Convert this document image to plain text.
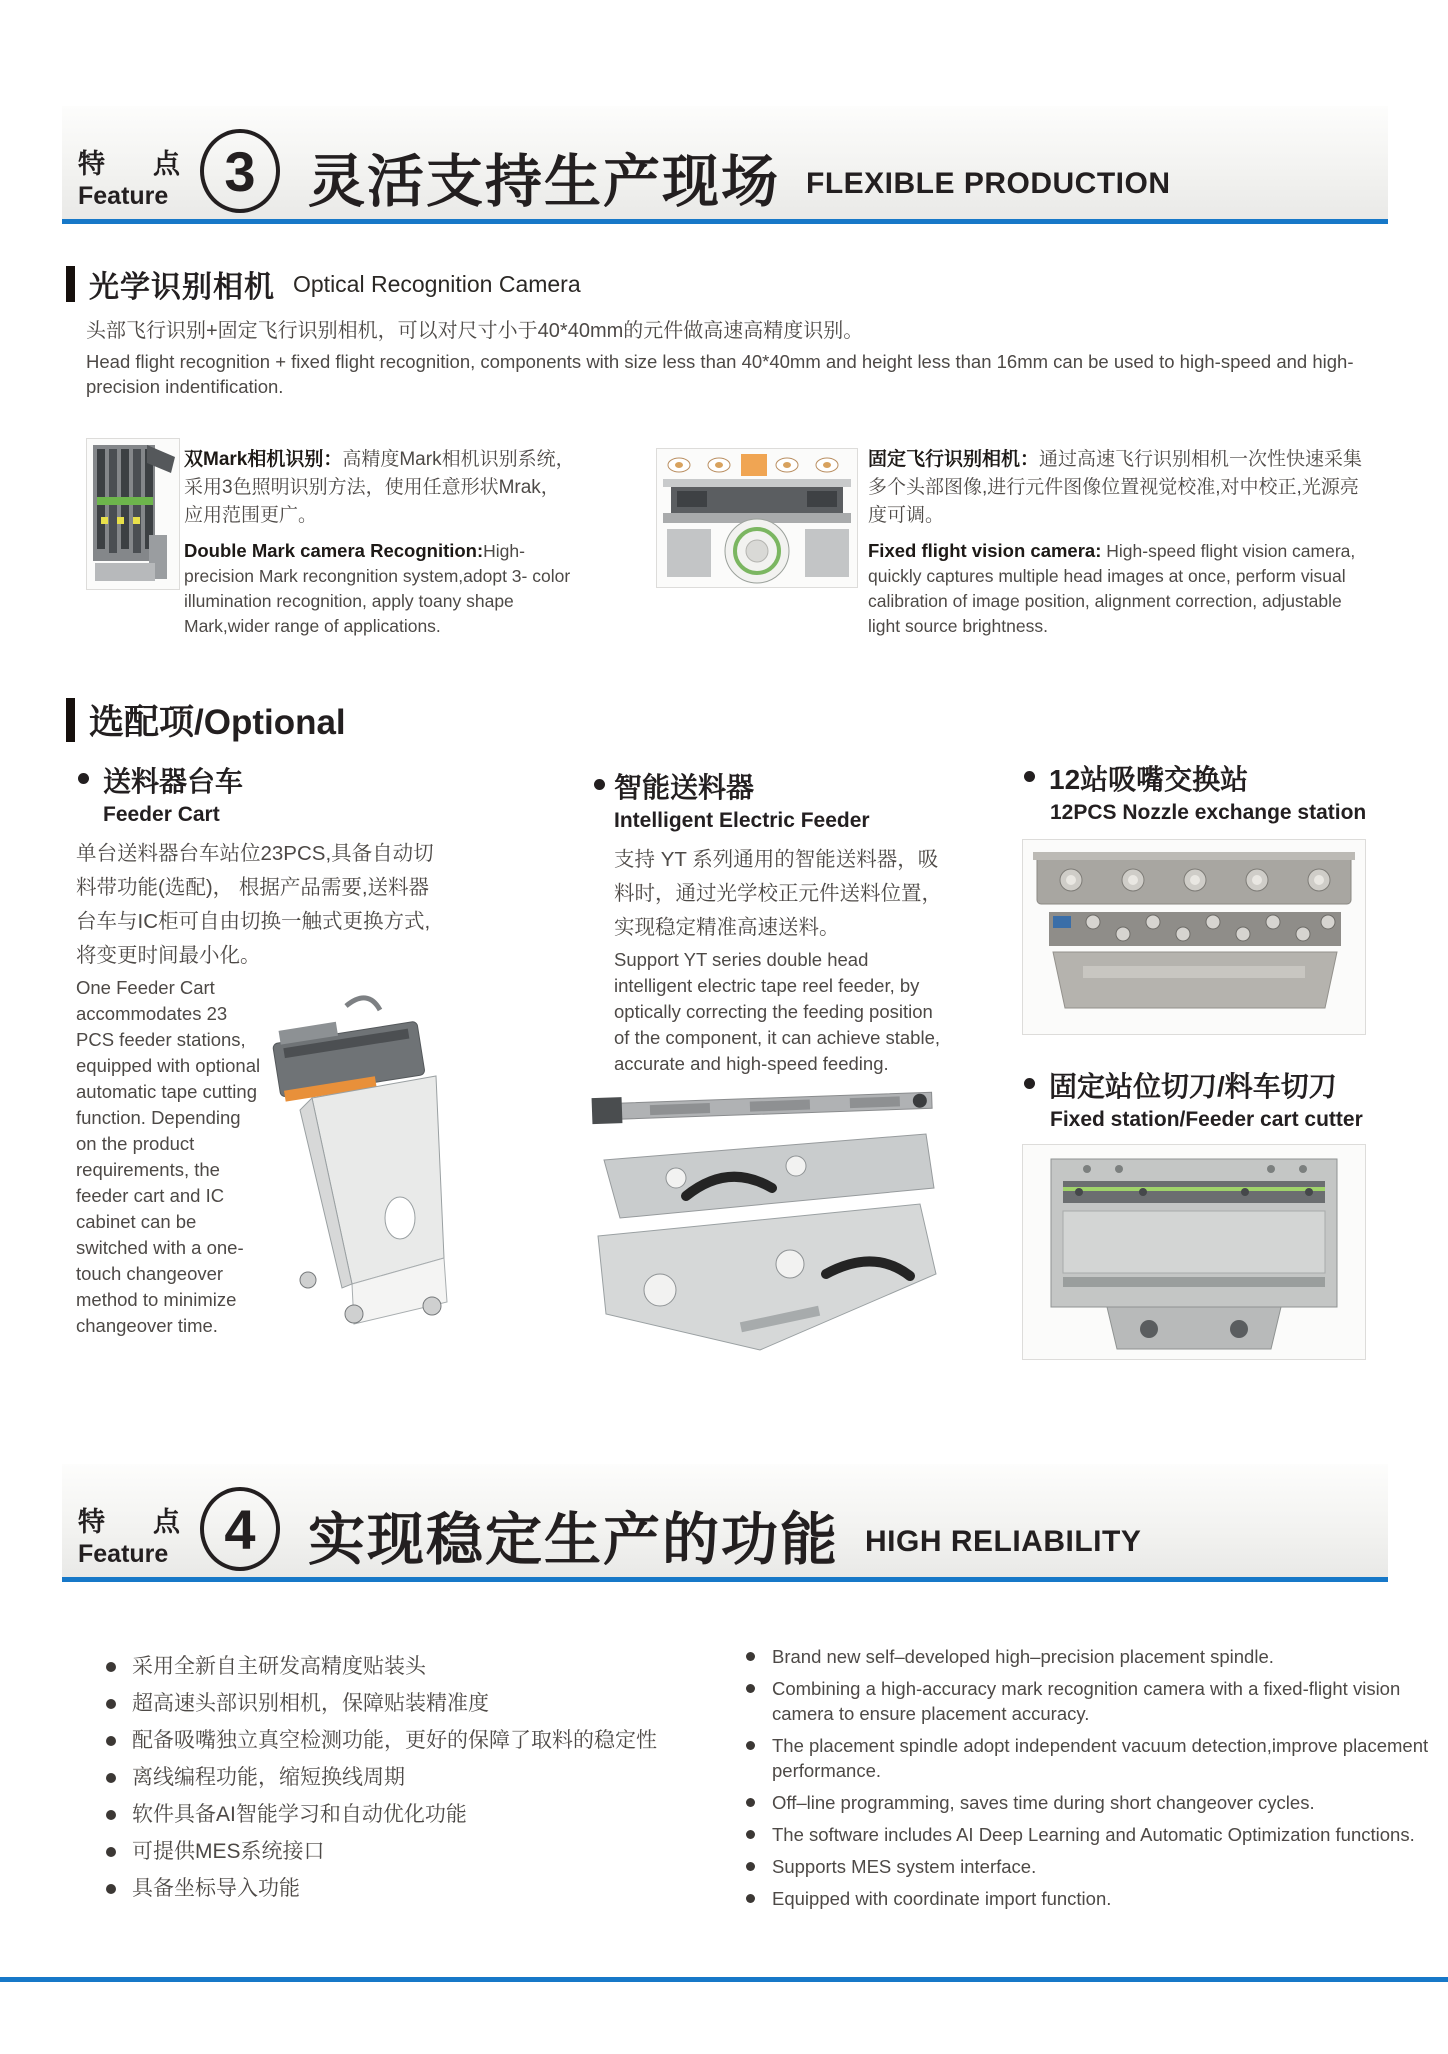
特 点
Feature 3 灵活支持生产现场 FLEXIBLE PRODUCTION
光学识别相机 Optical Recognition Camera
头部飞行识别+固定飞行识别相机，可以对尺寸小于40*40mm的元件做高速高精度识别。
Head flight recognition + fixed flight recognition, components with size less than 40*40mm and height less than 16mm can be used to high-speed and high-precision indentification.
双Mark相机识别：高精度Mark相机识别系统，采用3色照明识别方法，使用任意形状Mrak，应用范围更广。
Double Mark camera Recognition:High-precision Mark recongnition system,adopt 3- color illumination recognition, apply toany shape Mark,wider range of applications.
固定飞行识别相机：通过高速飞行识别相机一次性快速采集多个头部图像,进行元件图像位置视觉校准,对中校正,光源亮度可调。
Fixed flight vision camera: High-speed flight vision camera, quickly captures multiple head images at once, perform visual calibration of image position, alignment correction, adjustable light source brightness.
选配项/Optional
送料器台车
Feeder Cart
单台送料器台车站位23PCS,具备自动切料带功能(选配)， 根据产品需要,送料器台车与IC柜可自由切换一触式更换方式,将变更时间最小化。
One Feeder Cart accommodates 23 PCS feeder stations, equipped with optional automatic tape cutting function. Depending on the product requirements, the feeder cart and IC cabinet can be switched with a one-touch changeover method to minimize changeover time.
智能送料器
Intelligent Electric Feeder
支持 YT 系列通用的智能送料器，吸料时，通过光学校正元件送料位置，实现稳定精准高速送料。
Support YT series double head intelligent electric tape reel feeder, by optically correcting the feeding position of the component, it can achieve stable, accurate and high-speed feeding.
12站吸嘴交换站
12PCS Nozzle exchange station
固定站位切刀/料车切刀
Fixed station/Feeder cart cutter
特 点
Feature 4 实现稳定生产的功能 HIGH RELIABILITY
采用全新自主研发高精度贴装头
超高速头部识别相机，保障贴装精准度
配备吸嘴独立真空检测功能，更好的保障了取料的稳定性
离线编程功能，缩短换线周期
软件具备AI智能学习和自动优化功能
可提供MES系统接口
具备坐标导入功能
Brand new self–developed high–precision placement spindle.
Combining a high-accuracy mark recognition camera with a fixed-flight vision camera to ensure placement accuracy.
The placement spindle adopt independent vacuum detection,improve placement performance.
Off–line programming, saves time during short changeover cycles.
The software includes AI Deep Learning and Automatic Optimization functions.
Supports MES system interface.
Equipped with coordinate import function.
